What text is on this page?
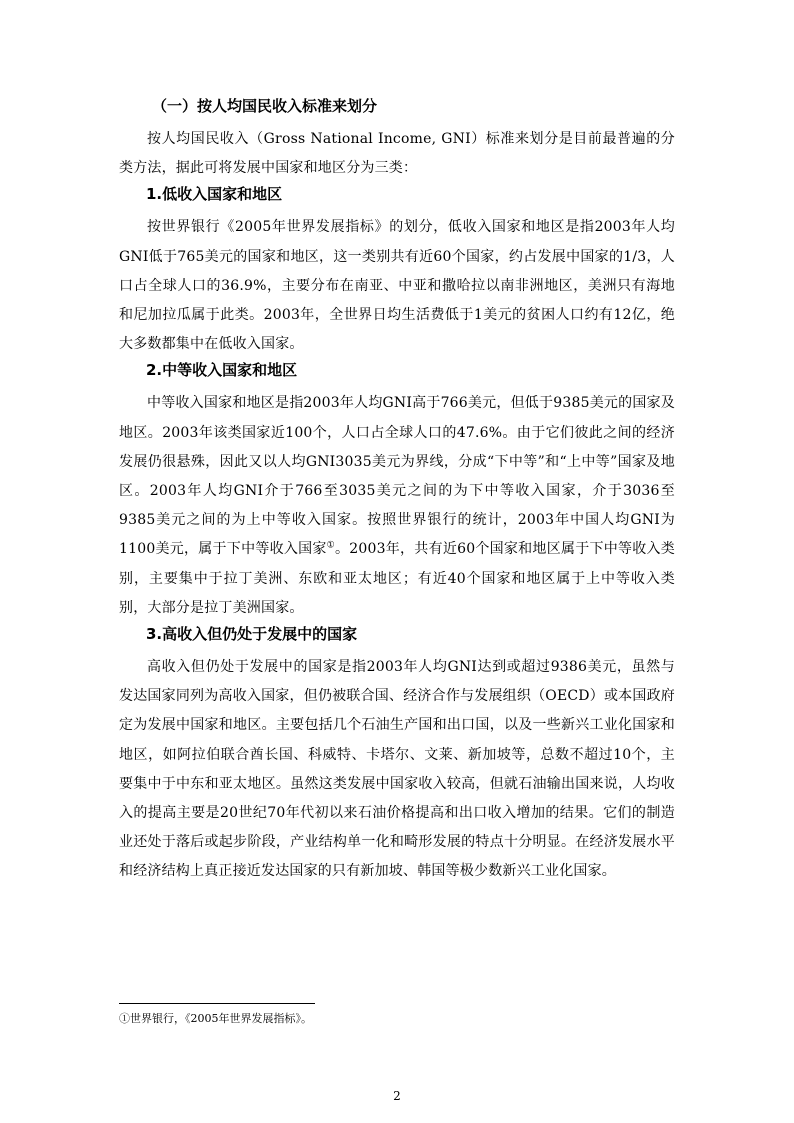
（一）按人均国民收入标准来划分

按人均国民收入（Gross National Income, GNI）标准来划分是目前最普遍的分类方法，据此可将发展中国家和地区分为三类：

1.低收入国家和地区

按世界银行《2005年世界发展指标》的划分，低收入国家和地区是指2003年人均GNI低于765美元的国家和地区，这一类别共有近60个国家，约占发展中国家的1/3，人口占全球人口的36.9%，主要分布在南亚、中亚和撒哈拉以南非洲地区，美洲只有海地和尼加拉瓜属于此类。2003年，全世界日均生活费低于1美元的贫困人口约有12亿，绝大多数都集中在低收入国家。

2.中等收入国家和地区

中等收入国家和地区是指2003年人均GNI高于766美元，但低于9385美元的国家及地区。2003年该类国家近100个，人口占全球人口的47.6%。由于它们彼此之间的经济发展仍很悬殊，因此又以人均GNI3035美元为界线，分成“下中等”和“上中等”国家及地区。2003年人均GNI介于766至3035美元之间的为下中等收入国家，介于3036至9385美元之间的为上中等收入国家。按照世界银行的统计，2003年中国人均GNI为1100美元，属于下中等收入国家①。2003年，共有近60个国家和地区属于下中等收入类别，主要集中于拉丁美洲、东欧和亚太地区；有近40个国家和地区属于上中等收入类别，大部分是拉丁美洲国家。

3.高收入但仍处于发展中的国家

高收入但仍处于发展中的国家是指2003年人均GNI达到或超过9386美元，虽然与发达国家同列为高收入国家，但仍被联合国、经济合作与发展组织（OECD）或本国政府定为发展中国家和地区。主要包括几个石油生产国和出口国，以及一些新兴工业化国家和地区，如阿拉伯联合酋长国、科威特、卡塔尔、文莱、新加坡等，总数不超过10个，主要集中于中东和亚太地区。虽然这类发展中国家收入较高，但就石油输出国来说，人均收入的提高主要是20世纪70年代初以来石油价格提高和出口收入增加的结果。它们的制造业还处于落后或起步阶段，产业结构单一化和畸形发展的特点十分明显。在经济发展水平和经济结构上真正接近发达国家的只有新加坡、韩国等极少数新兴工业化国家。

①世界银行，《2005年世界发展指标》。
2
